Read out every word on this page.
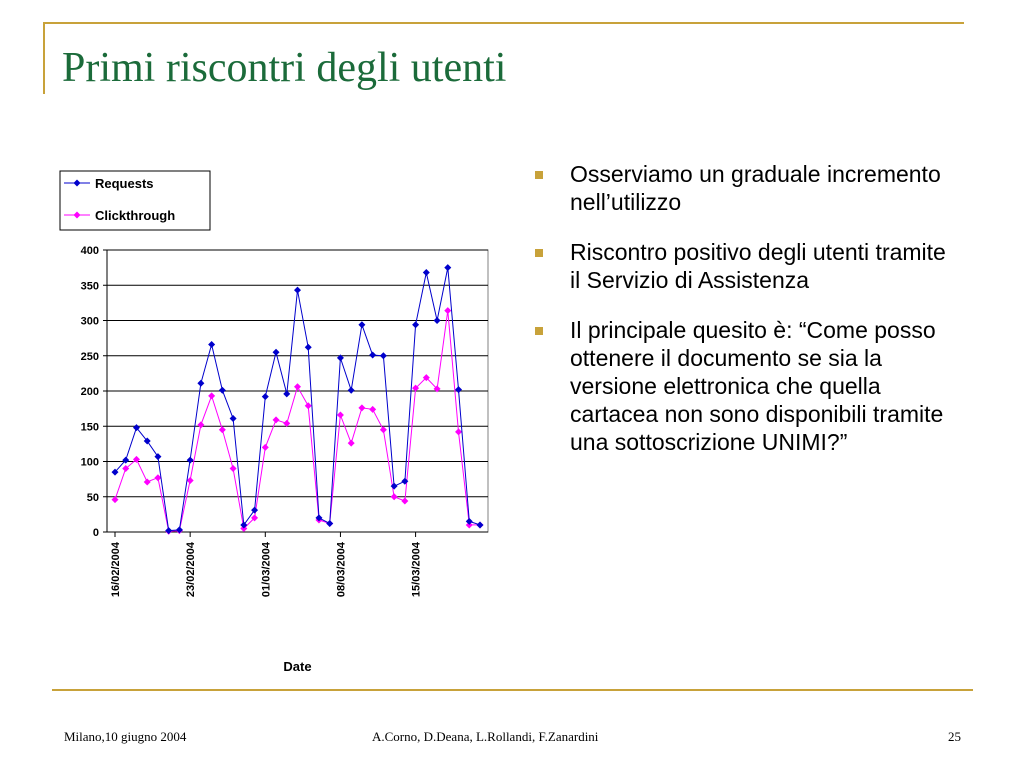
Primi riscontri degli utenti
0
50
100
150
200
250
300
350
400
16/02/2004	23/02/2004	01/03/2004	08/03/2004	15/03/2004
Requests
Clickthrough
Date
Osserviamo un graduale incremento nell’utilizzo
Riscontro positivo degli utenti tramite il Servizio di Assistenza
Il principale quesito è: “Come posso ottenere il documento se sia la versione elettronica che quella cartacea non sono disponibili tramite una sottoscrizione UNIMI?”
Milano,10 giugno 2004	A.Corno, D.Deana, L.Rollandi, F.Zanardini	25
